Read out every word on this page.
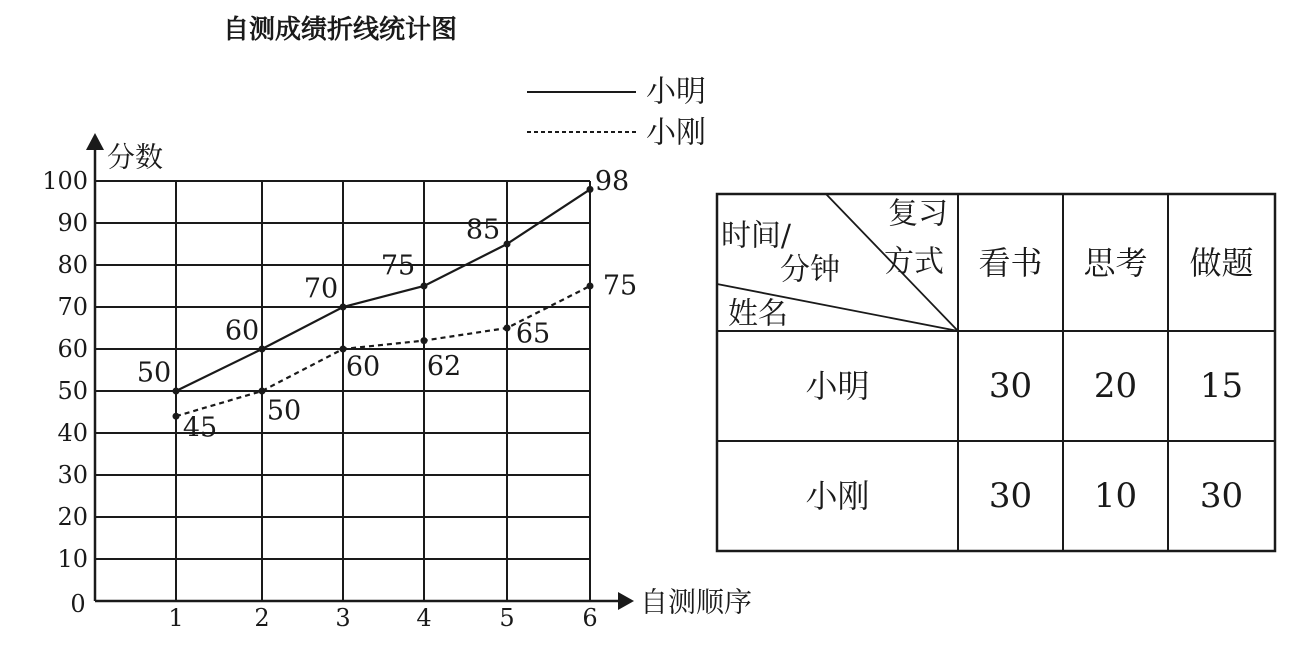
自测成绩折线统计图
自测顺序
分数
10
20
30
40
50
60
70
80
90
100
0	1	2	3	4	5	6
50
60
70
75
85
98
45
50
60 62
65
75
小明
小刚
复习
方式
时间/
分钟
姓名
看书 思考 做题
小明	30 20 15
小刚	30 10 30
